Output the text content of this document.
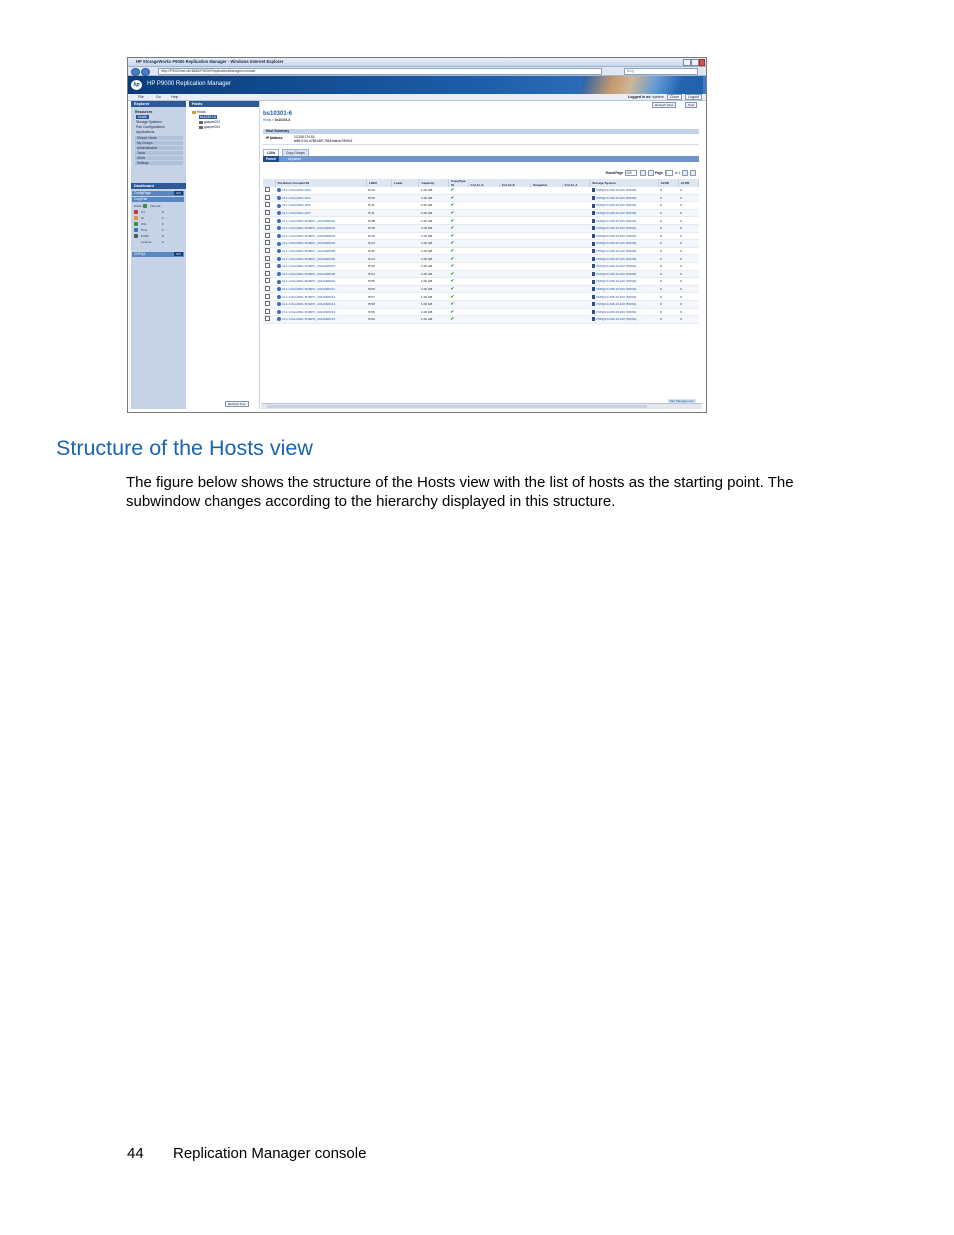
HP StorageWorks P9000 Replication Manager - Windows Internet Explorer
http://P9000/bsf.db/3666/P9000/ReplicationManager/console	Bing
hp	HP P9000 Replication Manager
File	Go	Help	Logged in as: system Close	Logout
Explorer
Resources
Hosts
Storage Systems
Pair Configurations
Applications
Shared Views
My Groups
Administration
Tasks
Alerts
Settings
Dashboard
ConfigPage	GO
CopyPair
Mode:	Normal
CT	0
SI	0
JNL	0
Host	0
PoLB	0
License	0
CDPQA	GO
Hosts
Hosts
bs10301-6
gasper002
gasper004
Refresh Tree
Refresh View	Help
bs10301-6
Hosts > bs10301-6
Host Summary
IP Address	10.208.174.53
fe80:0:0:0:d786:b8f7:7564:fafa:ac78%%1
LUNs	Copy Groups
Paired	Unpaired
Rows/Page 100	Page 1 of 1
	Port/Host Group/LUN	LDEV	Label	Capacity	CopyType					Storage System	SLPR	CLPR
					SI	Cnt Ac-A	Cnt Ac-S	Snapshot	Cnt Ac-J			
	CL1-C/bs10301-6/00	B:00		1.00 GB	✔					VSP@10.208.15.220 (53030)	0	0
	CL1-C/bs10301-6/01	B:00		1.00 GB	✔					VSP@10.208.15.220 (53030)	0	0
	CL1-C/bs10301-6/05	B:11		1.00 GB	✔					VSP@10.208.15.220 (53030)	0	0
	CL1-C/bs10301-6/07	B:11		1.00 GB	✔					VSP@10.208.15.220 (53030)	0	0
	CL1-C/bs10301-5NMPC_20110606/01	B:3B		1.00 GB	✔					VSP@10.208.15.220 (53030)	0	0
	CL1-C/bs10301-5NMPC_20110606/02	B:3D		1.00 GB	✔					VSP@10.208.15.220 (53030)	0	0
	CL1-C/bs10301-5NMPC_20110606/03	B:30		1.00 GB	✔					VSP@10.208.15.220 (53030)	0	0
	CL1-C/bs10301-5NMPC_20110606/04	B:34		1.00 GB	✔					VSP@10.208.15.220 (53030)	0	0
	CL1-C/bs10301-5NMPC_20110606/05	B:3F		1.00 GB	✔					VSP@10.208.15.220 (53030)	0	0
	CL1-C/bs10301-5NMPC_20110606/06	B:44		1.00 GB	✔					VSP@10.208.15.220 (53030)	0	0
	CL1-C/bs10301-5NMPC_20110606/07	B:53		1.00 GB	✔					VSP@10.208.15.220 (53030)	0	0
	CL1-C/bs10301-5NMPC_20110606/08	B:54		1.00 GB	✔					VSP@10.208.15.220 (53030)	0	0
	CL1-C/bs10301-5NMPC_20110606/10	B:55		1.00 GB	✔					VSP@10.208.15.220 (53030)	0	0
	CL1-C/bs10301-5NMPC_20110606/11	B:56		1.00 GB	✔					VSP@10.208.15.220 (53030)	0	0
	CL1-C/bs10301-5NMPC_20110606/12	B:57		1.00 GB	✔					VSP@10.208.15.220 (53030)	0	0
	CL1-C/bs10301-5NMPC_20110606/13	B:58		1.00 GB	✔					VSP@10.208.15.220 (53030)	0	0
	CL1-C/bs10301-5NMPC_20110606/14	B:59		1.00 GB	✔					VSP@10.208.15.220 (53030)	0	0
	CL1-C/bs10301-5NMPC_20110606/15	B:5A		1.00 GB	✔					VSP@10.208.15.220 (53030)	0	0
Pair Management
Structure of the Hosts view
The figure below shows the structure of the Hosts view with the list of hosts as the starting point. The subwindow changes according to the hierarchy displayed in this structure.
44 Replication Manager console
